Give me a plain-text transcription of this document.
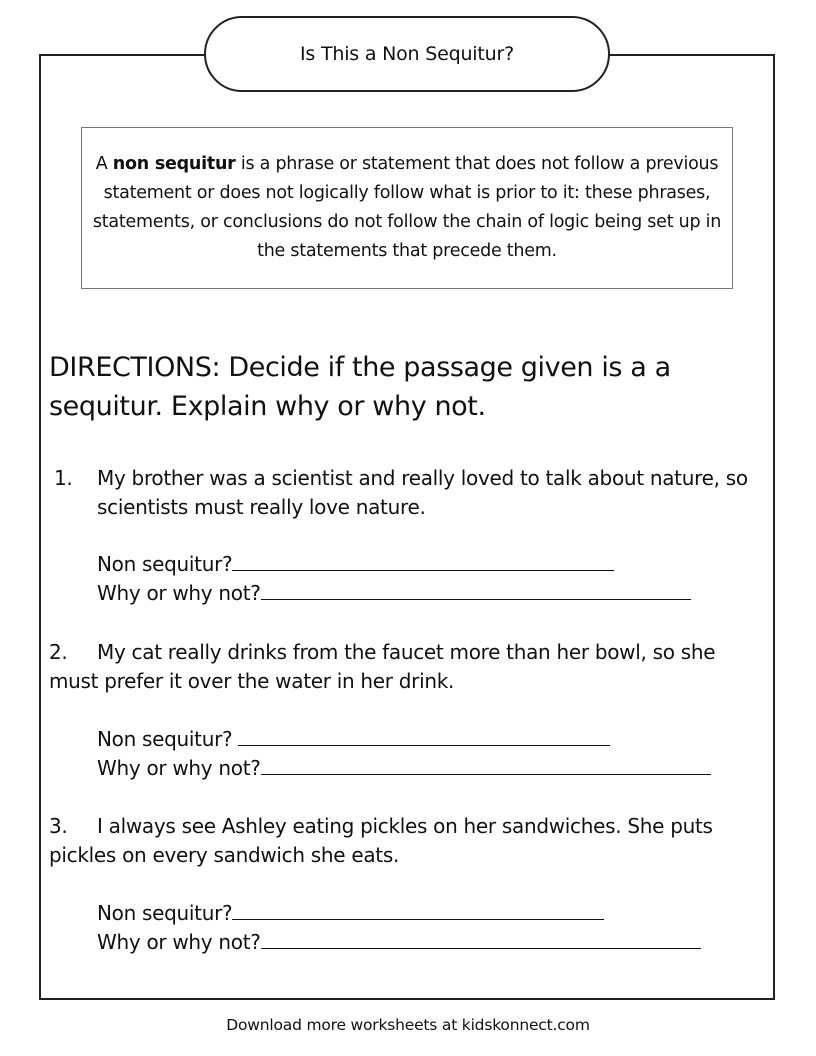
Is This a Non Sequitur?

A non sequitur is a phrase or statement that does not follow a previous statement or does not logically follow what is prior to it: these phrases, statements, or conclusions do not follow the chain of logic being set up in the statements that precede them.

DIRECTIONS: Decide if the passage given is a a sequitur. Explain why or why not.
1. My brother was a scientist and really loved to talk about nature, so scientists must really love nature.
Non sequitur?
Why or why not?
2. My cat really drinks from the faucet more than her bowl, so she must prefer it over the water in her drink.
Non sequitur?
Why or why not?
3. I always see Ashley eating pickles on her sandwiches. She puts pickles on every sandwich she eats.
Non sequitur?
Why or why not?
Download more worksheets at kidskonnect.com
